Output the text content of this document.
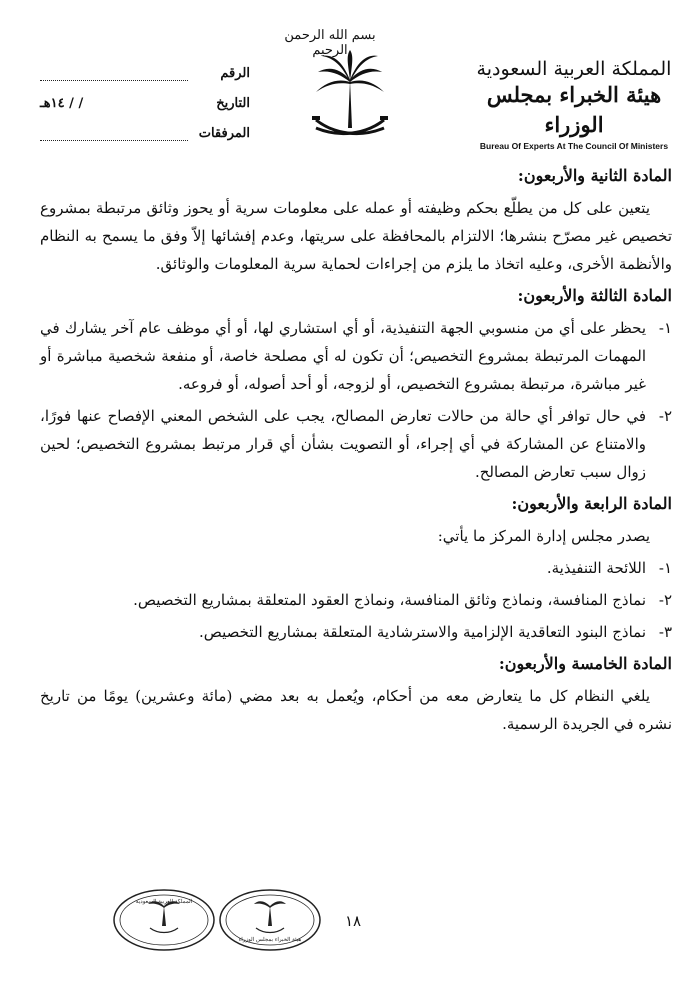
بسم الله الرحمن الرحيم
الرقم
التاريخ
/ / ١٤هـ
المرفقات
المملكة العربية السعودية
هيئة الخبراء بمجلس الوزراء
Bureau Of Experts At The Council Of Ministers
المادة الثانية والأربعون:

يتعين على كل من يطلّع بحكم وظيفته أو عمله على معلومات سرية أو يحوز وثائق مرتبطة بمشروع تخصيص غير مصرّح بنشرها؛ الالتزام بالمحافظة على سريتها، وعدم إفشائها إلاّ وفق ما يسمح به النظام والأنظمة الأخرى، وعليه اتخاذ ما يلزم من إجراءات لحماية سرية المعلومات والوثائق.

المادة الثالثة والأربعون:
١-
يحظر على أي من منسوبي الجهة التنفيذية، أو أي استشاري لها، أو أي موظف عام آخر يشارك في المهمات المرتبطة بمشروع التخصيص؛ أن تكون له أي مصلحة خاصة، أو منفعة شخصية مباشرة أو غير مباشرة، مرتبطة بمشروع التخصيص، أو لزوجه، أو أحد أصوله، أو فروعه.
٢-
في حال توافر أي حالة من حالات تعارض المصالح، يجب على الشخص المعني الإفصاح عنها فورًا، والامتناع عن المشاركة في أي إجراء، أو التصويت بشأن أي قرار مرتبط بمشروع التخصيص؛ لحين زوال سبب تعارض المصالح.
المادة الرابعة والأربعون:

يصدر مجلس إدارة المركز ما يأتي:

١-
اللائحة التنفيذية.
٢-
نماذج المنافسة، ونماذج وثائق المنافسة، ونماذج العقود المتعلقة بمشاريع التخصيص.
٣-
نماذج البنود التعاقدية الإلزامية والاسترشادية المتعلقة بمشاريع التخصيص.
المادة الخامسة والأربعون:

يلغي النظام كل ما يتعارض معه من أحكام، ويُعمل به بعد مضي (مائة وعشرين) يومًا من تاريخ نشره في الجريدة الرسمية.

١٨
المملكة العربية السعودية
هيئة الخبراء بمجلس الوزراء
